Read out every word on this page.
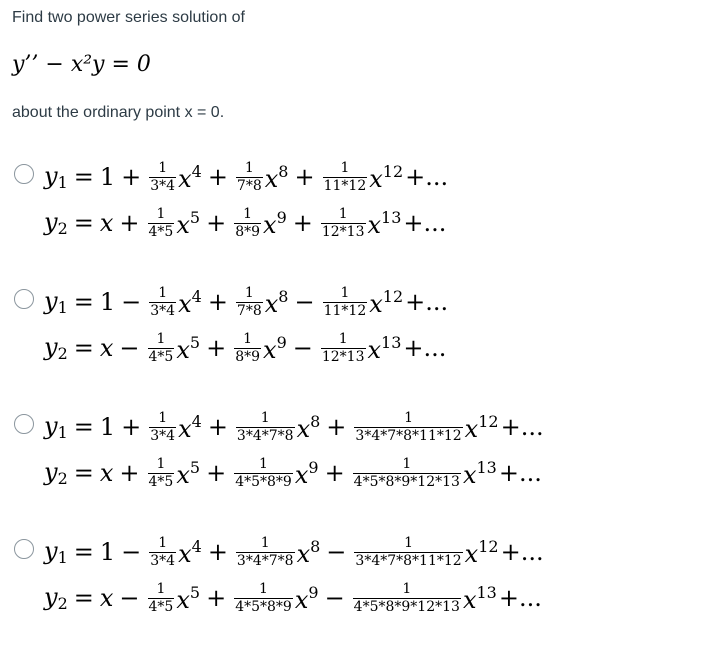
Find two power series solution of
y’’ − x²y = 0
about the ordinary point x = 0.
$y_1 = 1 + \frac{1}{3*4} x^4 + \frac{1}{7*8} x^8 + \frac{1}{11*12} x^{12}$ +...
$y_2 = x + \frac{1}{4*5} x^5 + \frac{1}{8*9} x^9 + \frac{1}{12*13} x^{13}$ +...
$y_1 = 1 - \frac{1}{3*4} x^4 + \frac{1}{7*8} x^8 - \frac{1}{11*12} x^{12}$ +...
$y_2 = x - \frac{1}{4*5} x^5 + \frac{1}{8*9} x^9 - \frac{1}{12*13} x^{13}$ +...
$y_1 = 1 + \frac{1}{3*4} x^4 + \frac{1}{3*4*7*8} x^8 + \frac{1}{3*4*7*8*11*12} x^{12}$ +...
$y_2 = x + \frac{1}{4*5} x^5 + \frac{1}{4*5*8*9} x^9 + \frac{1}{4*5*8*9*12*13} x^{13}$ +...
$y_1 = 1 - \frac{1}{3*4} x^4 + \frac{1}{3*4*7*8} x^8 - \frac{1}{3*4*7*8*11*12} x^{12}$ +...
$y_2 = x - \frac{1}{4*5} x^5 + \frac{1}{4*5*8*9} x^9 - \frac{1}{4*5*8*9*12*13} x^{13}$ +...
